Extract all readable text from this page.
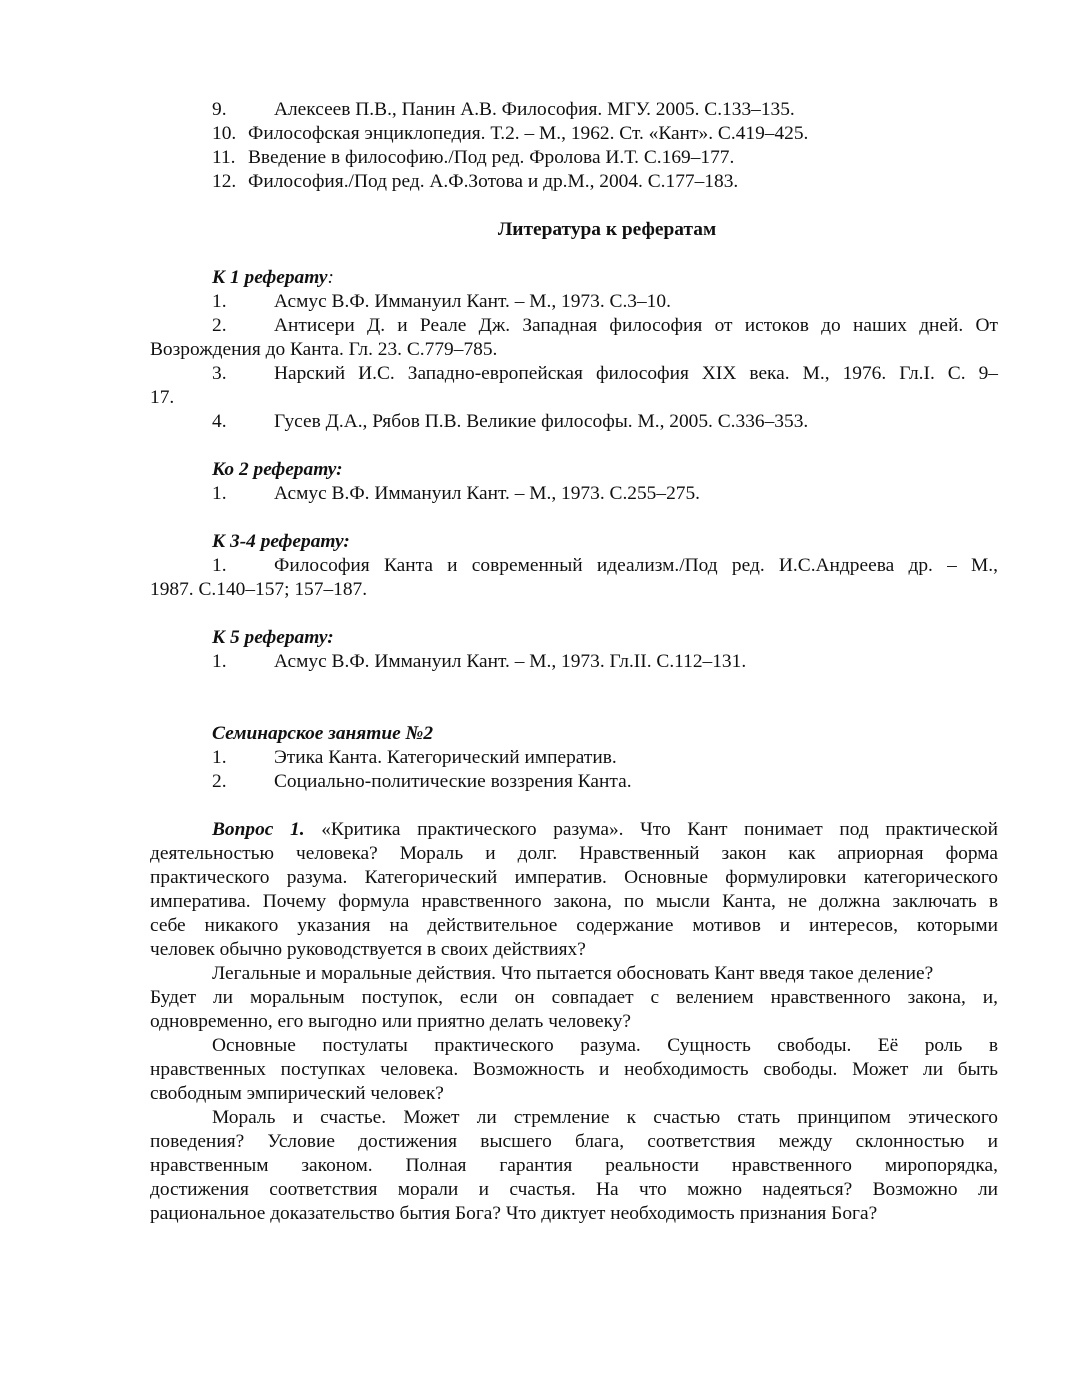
9.	Алексеев П.В., Панин А.В. Философия. МГУ. 2005. С.133–135.
10. Философская энциклопедия. Т.2. – М., 1962. Ст. «Кант». С.419–425.
11. Введение в философию./Под ред. Фролова И.Т. С.169–177.
12. Философия./Под ред. А.Ф.Зотова и др.М., 2004. С.177–183.
Литература к рефератам
К 1 реферату:
1.	Асмус В.Ф. Иммануил Кант. – М., 1973. С.3–10.
2.	Антисери Д. и Реале Дж. Западная философия от истоков до наших дней. От
Возрождения до Канта. Гл. 23. С.779–785.
3.	Нарский И.С. Западно-европейская философия XIX века. М., 1976. Гл.I. С. 9–
17.
4.	Гусев Д.А., Рябов П.В. Великие философы. М., 2005. С.336–353.
Ко 2 реферату:
1.	Асмус В.Ф. Иммануил Кант. – М., 1973. С.255–275.
К 3-4 реферату:
1.	Философия Канта и современный идеализм./Под ред. И.С.Андреева др. – М.,
1987. С.140–157; 157–187.
К 5 реферату:
1.	Асмус В.Ф. Иммануил Кант. – М., 1973. Гл.II. С.112–131.
Семинарское занятие №2
1.	Этика Канта. Категорический императив.
2.	Социально-политические воззрения Канта.
Вопрос 1. «Критика практического разума». Что Кант понимает под практической
деятельностью человека? Мораль и долг. Нравственный закон как априорная форма
практического разума. Категорический императив. Основные формулировки категорического
императива. Почему формула нравственного закона, по мысли Канта, не должна заключать в
себе никакого указания на действительное содержание мотивов и интересов, которыми
человек обычно руководствуется в своих действиях?
Легальные и моральные действия. Что пытается обосновать Кант введя такое деление?
Будет ли моральным поступок, если он совпадает с велением нравственного закона, и,
одновременно, его выгодно или приятно делать человеку?
Основные постулаты практического разума. Сущность свободы. Её роль в
нравственных поступках человека. Возможность и необходимость свободы. Может ли быть
свободным эмпирический человек?
Мораль и счастье. Может ли стремление к счастью стать принципом этического
поведения? Условие достижения высшего блага, соответствия между склонностью и
нравственным законом. Полная гарантия реальности нравственного миропорядка,
достижения соответствия морали и счастья. На что можно надеяться? Возможно ли
рациональное доказательство бытия Бога? Что диктует необходимость признания Бога?
